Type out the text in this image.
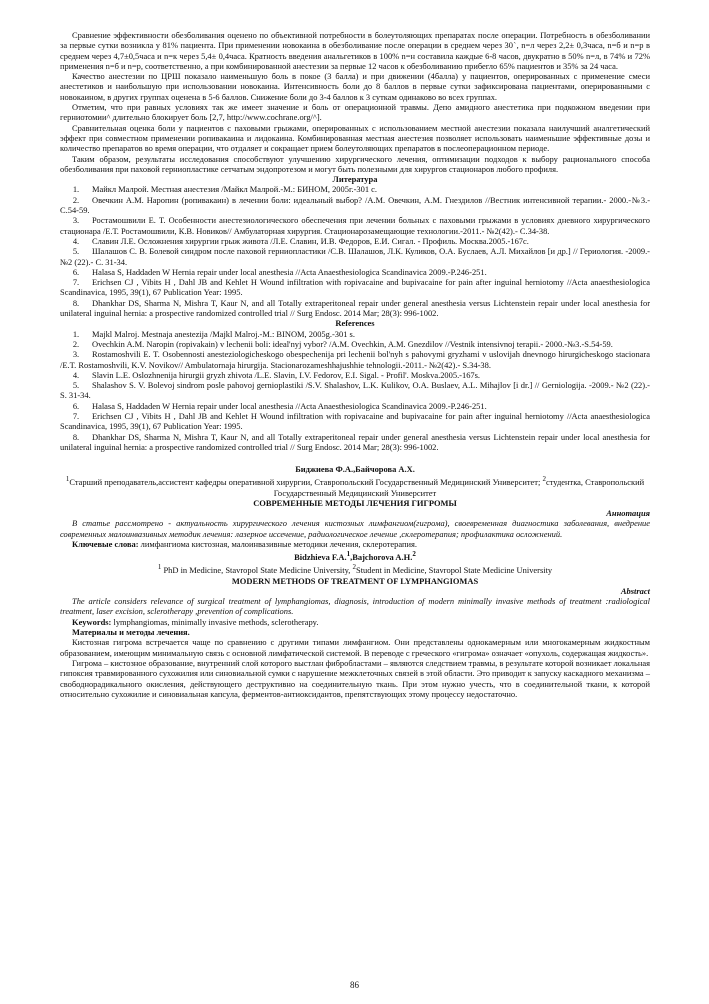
Сравнение эффективности обезболивания оценено по объективной потребности в болеутоляющих препаратах после операции. Потребность в обезболивании за первые сутки возникла у 81% пациента. При применении новокаина в обезболивание после операции в среднем через 30ˋ, n=л через 2,2± 0,3часа, n=б и n=р в среднем через 4,7±0,5часа и n=к через 5,4± 0,4часа. Кратность введения анальгетиков в 100% n=н составила каждые 6-8 часов, двукратно в 50% n=л, в 74% и 72% применения n=б и n=р, соответственно, а при комбинированной анестезии за первые 12 часов к обезболиванию прибегло 65% пациентов и 35% за 24 часа.

Качество анестезии по ЦРШ показало наименьшую боль в покое (3 балла) и при движении (4балла) у пациентов, оперированных с применение смеси анестетиков и наибольшую при использовании новокаина. Интенсивность боли до 8 баллов в первые сутки зафиксирована пациентами, оперированными с новокаином, в других группах оценена в 5-6 баллов. Снижение боли до 3-4 баллов к 3 суткам одинаково во всех группах.

Отметим, что при равных условиях так же имеет значение и боль от операционной травмы. Депо амидного анестетика при подкожном введении при герниотомии^ длительно блокирует боль [2,7, http://www.cochrane.org/^].

Сравнительная оценка боли у пациентов с паховыми грыжами, оперированных с использованием местной анестезии показала наилучший аналгетический эффект при совместном применении ропивакаина и лидокаина. Комбинированная местная анестезия позволяет использовать наименьшие эффективные дозы и количество препаратов во время операции, что отдаляет и сокращает прием болеутоляющих препаратов в послеоперационном периоде.

Таким образом, результаты исследования способствуют улучшению хирургического лечения, оптимизации подходов к выбору рационального способа обезболивания при паховой герниопластике сетчатым эндопротезом и могут быть полезными для хирургов стационаров любого профиля.

Литература

1. Майкл Малрой. Местная анестезия /Майкл Малрой.-М.: БИНОМ, 2005г.-301 с.

2. Овечкин А.М. Наропин (ропивакаин) в лечении боли: идеальный выбор? /А.М. Овечкин, А.М. Гнездилов //Вестник интенсивной терапии.- 2000.-№3.-С.54-59.

3. Ростамошвили Е. Т. Особенности анестезиологического обеспечения при лечении больных с паховыми грыжами в условиях дневного хирургического стационара /Е.Т. Ростамошвили, К.В. Новиков// Амбулаторная хирургия. Стационарозамещающие технологии.-2011.- №2(42).- С.34-38.

4. Славин Л.Е. Осложнения хирургии грыж живота /Л.Е. Славин, И.В. Федоров, Е.И. Сигал. - Профиль. Москва.2005.-167с.

5. Шалашов С. В. Болевой синдром после паховой герниопластики /С.В. Шалашов, Л.К. Куликов, О.А. Буслаев, А.Л. Михайлов [и др.] // Гериология. -2009.- №2 (22).- С. 31-34.

6. Halasa S, Haddaden W Hernia repair under local anesthesia //Acta Anaesthesiologica Scandinavica 2009.-P.246-251.

7. Erichsen CJ , Vibits H , Dahl JB and Kehlet H Wound infiltration with ropivacaine and bupivacaine for pain after inguinal herniotomy //Acta anaesthesiologica Scandinavica, 1995, 39(1), 67 Publication Year: 1995.

8. Dhankhar DS, Sharma N, Mishra T, Kaur N, and all Totally extraperitoneal repair under general anesthesia versus Lichtenstein repair under local anesthesia for unilateral inguinal hernia: a prospective randomized controlled trial // Surg Endosc. 2014 Mar; 28(3): 996-1002.

References

1. Majkl Malroj. Mestnaja anestezija /Majkl Malroj.-M.: BINOM, 2005g.-301 s.

2. Ovechkin A.M. Naropin (ropivakain) v lechenii boli: ideal'nyj vybor? /A.M. Ovechkin, A.M. Gnezdilov //Vestnik intensivnoj terapii.- 2000.-№3.-S.54-59.

3. Rostamoshvili E. T. Osobennosti anesteziologicheskogo obespechenija pri lechenii bol'nyh s pahovymi gryzhami v uslovijah dnevnogo hirurgicheskogo stacionara /E.T. Rostamoshvili, K.V. Novikov// Ambulatornaja hirurgija. Stacionarozameshhajushhie tehnologii.-2011.- №2(42).- S.34-38.

4. Slavin L.E. Oslozhnenija hirurgii gryzh zhivota /L.E. Slavin, I.V. Fedorov, E.I. Sigal. - Profil'. Moskva.2005.-167s.

5. Shalashov S. V. Bolevoj sindrom posle pahovoj gernioplastiki /S.V. Shalashov, L.K. Kulikov, O.A. Buslaev, A.L. Mihajlov [i dr.] // Gerniologija. -2009.- №2 (22).- S. 31-34.

6. Halasa S, Haddaden W Hernia repair under local anesthesia //Acta Anaesthesiologica Scandinavica 2009.-P.246-251.

7. Erichsen CJ , Vibits H , Dahl JB and Kehlet H Wound infiltration with ropivacaine and bupivacaine for pain after inguinal herniotomy //Acta anaesthesiologica Scandinavica, 1995, 39(1), 67 Publication Year: 1995.

8. Dhankhar DS, Sharma N, Mishra T, Kaur N, and all Totally extraperitoneal repair under general anesthesia versus Lichtenstein repair under local anesthesia for unilateral inguinal hernia: a prospective randomized controlled trial // Surg Endosc. 2014 Mar; 28(3): 996-1002.

Биджиева Ф.А.,Байчорова А.Х.

$^1$Старший преподаватель,ассистент кафедры оперативной хирургии, Ставропольский Государственный Медицинский Университет; $^2$студентка, Ставропольский Государственный Медицинский Университет

СОВРЕМЕННЫЕ МЕТОДЫ ЛЕЧЕНИЯ ГИГРОМЫ

Аннотация

В статье рассмотрено - актуальность хирургического лечения кистозных лимфангиом(гигрома), своевременная диагностика заболевания, внедрение современных малоинвазивных методик лечения: лазерное иссечение, радиологическое лечение ,склеротерапия; профилактика осложнений.

Ключевые слова: лимфангиома кистозная, малоинвазивные методики лечения, склеротерапия.

Bidzhieva F.A.$^1$,Bajchorova A.H.$^2$

$^1$ PhD in Medicine, Stavropol State Medicine University, $^2$Student in Medicine, Stavropol State Medicine University

MODERN METHODS OF TREATMENT OF LYMPHANGIOMAS

Abstract

The article considers relevance of surgical treatment of lymphangiomas, diagnosis, introduction of modern minimally invasive methods of treatment :radiological treatment, laser excision, sclerotherapy ,prevention of complications.

Keywords: lymphangiomas, minimally invasive methods, sclerotherapy.

Материалы и методы лечения.

Кистозная гигрома встречается чаще по сравнению с другими типами лимфангиом. Они представлены однокамерным или многокамерным жидкостным образованием, имеющим минимальную связь с основной лимфатической системой. В переводе с греческого «гигрома» означает «опухоль, содержащая жидкость».

Гигрома – кистозное образование, внутренний слой которого выстлан фибробластами – являются следствием травмы, в результате которой возникает локальная гипоксия травмированного сухожилия или синовиальной сумки с нарушение межклеточных связей в этой области. Это приводит к запуску каскадного механизма – свободнорадикального окисления, действующего деструктивно на соединительную ткань. При этом нужно учесть, что в соединительной ткани, к которой относительно сухожилие и синовиальная капсула, ферментов-антиоксидантов, препятствующих этому процессу недостаточно.

86
